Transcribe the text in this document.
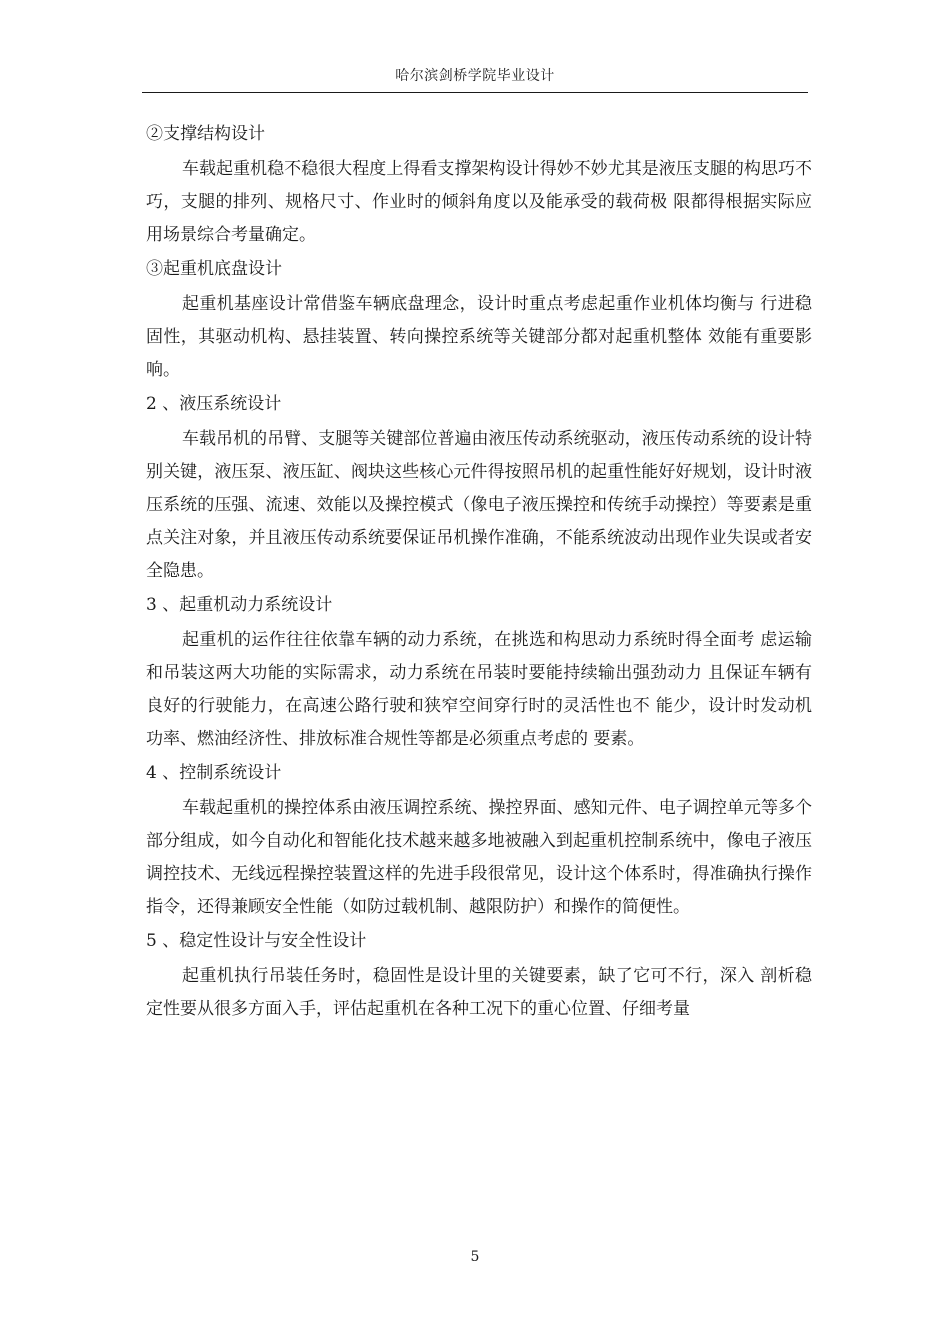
哈尔滨剑桥学院毕业设计

②支撑结构设计

车载起重机稳不稳很大程度上得看支撑架构设计得妙不妙尤其是液压支腿的构思巧不巧，支腿的排列、规格尺寸、作业时的倾斜角度以及能承受的载荷极 限都得根据实际应用场景综合考量确定。

③起重机底盘设计

起重机基座设计常借鉴车辆底盘理念，设计时重点考虑起重作业机体均衡与 行进稳固性，其驱动机构、悬挂装置、转向操控系统等关键部分都对起重机整体 效能有重要影响。

2 、液压系统设计

车载吊机的吊臂、支腿等关键部位普遍由液压传动系统驱动，液压传动系统的设计特别关键，液压泵、液压缸、阀块这些核心元件得按照吊机的起重性能好好规划，设计时液压系统的压强、流速、效能以及操控模式（像电子液压操控和传统手动操控）等要素是重点关注对象，并且液压传动系统要保证吊机操作准确，不能系统波动出现作业失误或者安全隐患。

3 、起重机动力系统设计

起重机的运作往往依靠车辆的动力系统，在挑选和构思动力系统时得全面考 虑运输和吊装这两大功能的实际需求，动力系统在吊装时要能持续输出强劲动力 且保证车辆有良好的行驶能力，在高速公路行驶和狭窄空间穿行时的灵活性也不 能少，设计时发动机功率、燃油经济性、排放标准合规性等都是必须重点考虑的 要素。

4 、控制系统设计

车载起重机的操控体系由液压调控系统、操控界面、感知元件、电子调控单元等多个部分组成，如今自动化和智能化技术越来越多地被融入到起重机控制系统中，像电子液压调控技术、无线远程操控装置这样的先进手段很常见，设计这个体系时，得准确执行操作指令，还得兼顾安全性能（如防过载机制、越限防护）和操作的简便性。

5 、稳定性设计与安全性设计

起重机执行吊装任务时，稳固性是设计里的关键要素，缺了它可不行，深入 剖析稳定性要从很多方面入手，评估起重机在各种工况下的重心位置、仔细考量

5
